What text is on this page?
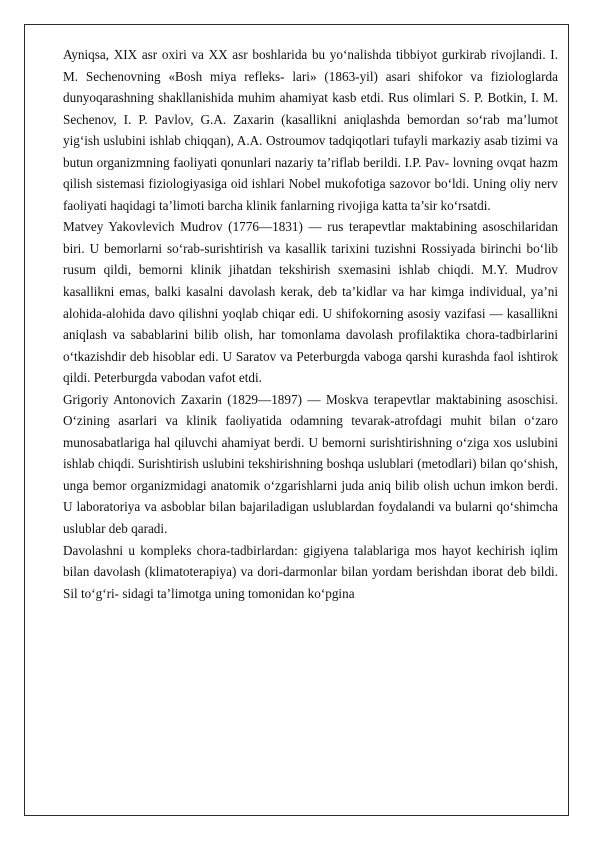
Ayniqsa, XIX asr oxiri va XX asr boshlarida bu yo‘nalishda tibbiyot gurkirab rivojlandi. I. M. Sechenovning «Bosh miya refleks- lari» (1863-yil) asari shifokor va fiziologlarda dunyoqarashning shakllanishida muhim ahamiyat kasb etdi. Rus olimlari S. P. Botkin, I. M. Sechenov, I. P. Pavlov, G.A. Zaxarin (kasallikni aniqlashda bemordan so‘rab ma’lumot yig‘ish uslubini ishlab chiqqan), A.A. Ostroumov tadqiqotlari tufayli markaziy asab tizimi va butun organizmning faoliyati qonunlari nazariy ta’riflab berildi. I.P. Pav- lovning ovqat hazm qilish sistemasi fiziologiyasiga oid ishlari Nobel mukofotiga sazovor bo‘ldi. Uning oliy nerv faoliyati haqidagi ta’limoti barcha klinik fanlarning rivojiga katta ta’sir ko‘rsatdi.

Matvey Yakovlevich Mudrov (1776—1831) — rus terapevtlar maktabining asoschilaridan biri. U bemorlarni so‘rab-surishtirish va kasallik tarixini tuzishni Rossiyada birinchi bo‘lib rusum qildi, bemorni klinik jihatdan tekshirish sxemasini ishlab chiqdi. M.Y. Mudrov kasallikni emas, balki kasalni davolash kerak, deb ta’kidlar va har kimga individual, ya’ni alohida-alohida davo qilishni yoqlab chiqar edi. U shifokorning asosiy vazifasi — kasallikni aniqlash va sabablarini bilib olish, har tomonlama davolash profilaktika chora-tadbirlarini o‘tkazishdir deb hisoblar edi. U Saratov va Peterburgda vaboga qarshi kurashda faol ishtirok qildi. Peterburgda vabodan vafot etdi.

Grigoriy Antonovich Zaxarin (1829—1897) — Moskva terapevtlar maktabining asoschisi. O‘zining asarlari va klinik faoliyatida odamning tevarak-atrofdagi muhit bilan o‘zaro munosabatlariga hal qiluvchi ahamiyat berdi. U bemorni surishtirishning o‘ziga xos uslubini ishlab chiqdi. Surishtirish uslubini tekshirishning boshqa uslublari (metodlari) bilan qo‘shish, unga bemor organizmidagi anatomik o‘zgarishlarni juda aniq bilib olish uchun imkon berdi. U laboratoriya va asboblar bilan bajariladigan uslublardan foydalandi va bularni qo‘shimcha uslublar deb qaradi.

Davolashni u kompleks chora-tadbirlardan: gigiyena talablariga mos hayot kechirish iqlim bilan davolash (klimatoterapiya) va dori-darmonlar bilan yordam berishdan iborat deb bildi. Sil to‘g‘ri- sidagi ta’limotga uning tomonidan ko‘pgina
